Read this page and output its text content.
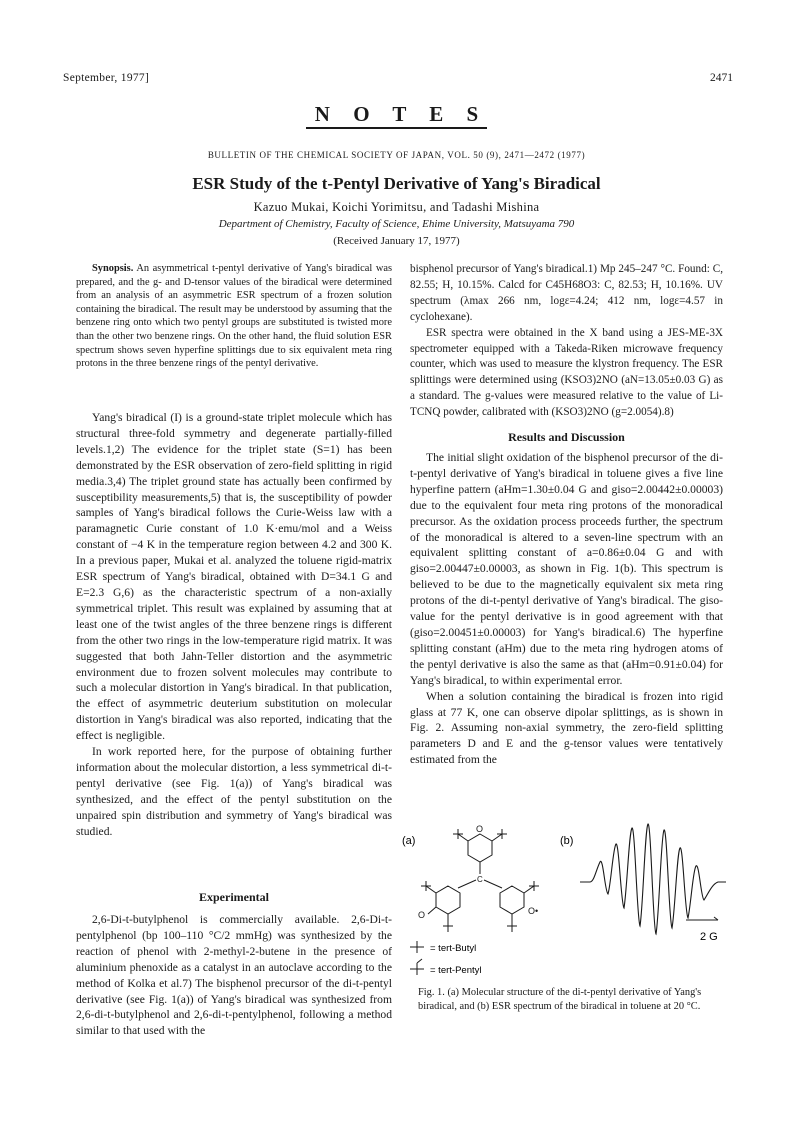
September, 1977]	2471
N O T E S
BULLETIN OF THE CHEMICAL SOCIETY OF JAPAN, VOL. 50 (9), 2471—2472 (1977)
ESR Study of the t-Pentyl Derivative of Yang's Biradical
Kazuo Mukai, Koichi Yorimitsu, and Tadashi Mishina
Department of Chemistry, Faculty of Science, Ehime University, Matsuyama 790
(Received January 17, 1977)

Synopsis. An asymmetrical t-pentyl derivative of Yang's biradical was prepared, and the g- and D-tensor values of the biradical were determined from an analysis of an asymmetric ESR spectrum of a frozen solution containing the biradical. The result may be understood by assuming that the benzene ring onto which two pentyl groups are substituted is twisted more than the other two benzene rings. On the other hand, the fluid solution ESR spectrum shows seven hyperfine splittings due to six equivalent meta ring protons in the three benzene rings of the pentyl derivative.

Yang's biradical (I) is a ground-state triplet molecule which has structural three-fold symmetry and degenerate partially-filled levels.1,2) The evidence for the triplet state (S=1) has been demonstrated by the ESR observation of zero-field splitting in rigid media.3,4) The triplet ground state has actually been confirmed by susceptibility measurements,5) that is, the susceptibility of powder samples of Yang's biradical follows the Curie-Weiss law with a paramagnetic Curie constant of 1.0 K·emu/mol and a Weiss constant of −4 K in the temperature region between 4.2 and 300 K. In a previous paper, Mukai et al. analyzed the toluene rigid-matrix ESR spectrum of Yang's biradical, obtained with D=34.1 G and E=2.3 G,6) as the characteristic spectrum of a non-axially symmetrical triplet. This result was explained by assuming that at least one of the twist angles of the three benzene rings is different from the other two rings in the low-temperature rigid matrix. It was suggested that both Jahn-Teller distortion and the asymmetric environment due to frozen solvent molecules may contribute to such a molecular distortion in Yang's biradical. In that publication, the effect of asymmetric deuterium substitution on molecular distortion in Yang's biradical was also reported, indicating that the effect is negligible.

In work reported here, for the purpose of obtaining further information about the molecular distortion, a less symmetrical di-t-pentyl derivative (see Fig. 1(a)) of Yang's biradical was synthesized, and the effect of the pentyl substitution on the unpaired spin distribution and symmetry of Yang's biradical was studied.

Experimental

2,6-Di-t-butylphenol is commercially available. 2,6-Di-t-pentylphenol (bp 100–110 °C/2 mmHg) was synthesized by the reaction of phenol with 2-methyl-2-butene in the presence of aluminium phenoxide as a catalyst in an autoclave according to the method of Kolka et al.7) The bisphenol precursor of the di-t-pentyl derivative (see Fig. 1(a)) of Yang's biradical was synthesized from 2,6-di-t-butylphenol and 2,6-di-t-pentylphenol, following a method similar to that used with the

bisphenol precursor of Yang's biradical.1) Mp 245–247 °C. Found: C, 82.55; H, 10.15%. Calcd for C45H68O3: C, 82.53; H, 10.16%. UV spectrum (λmax 266 nm, logε=4.24; 412 nm, logε=4.57 in cyclohexane).

ESR spectra were obtained in the X band using a JES-ME-3X spectrometer equipped with a Takeda-Riken microwave frequency counter, which was used to measure the klystron frequency. The ESR splittings were determined using (KSO3)2NO (aN=13.05±0.03 G) as a standard. The g-values were measured relative to the value of Li-TCNQ powder, calibrated with (KSO3)2NO (g=2.0054).8)

Results and Discussion

The initial slight oxidation of the bisphenol precursor of the di-t-pentyl derivative of Yang's biradical in toluene gives a five line hyperfine pattern (aHm=1.30±0.04 G and giso=2.00442±0.00003) due to the equivalent four meta ring protons of the monoradical precursor. As the oxidation process proceeds further, the spectrum of the monoradical is altered to a seven-line spectrum with an equivalent splitting constant of a=0.86±0.04 G and with giso=2.00447±0.00003, as shown in Fig. 1(b). This spectrum is believed to be due to the magnetically equivalent six meta ring protons of the di-t-pentyl derivative of Yang's biradical. The giso-value for the pentyl derivative is in good agreement with that (giso=2.00451±0.00003) for Yang's biradical.6) The hyperfine splitting constant (aHm) due to the meta ring hydrogen atoms of the pentyl derivative is also the same as that (aHm=0.91±0.04) for Yang's biradical, to within experimental error.

When a solution containing the biradical is frozen into rigid glass at 77 K, one can observe dipolar splittings, as is shown in Fig. 2. Assuming non-axial symmetry, the zero-field splitting parameters D and E and the g-tensor values were tentatively estimated from the

(a)
O
C
O	O•
= tert-Butyl
= tert-Pentyl
(b)
2 G

Fig. 1. (a) Molecular structure of the di-t-pentyl derivative of Yang's biradical, and (b) ESR spectrum of the biradical in toluene at 20 °C.
